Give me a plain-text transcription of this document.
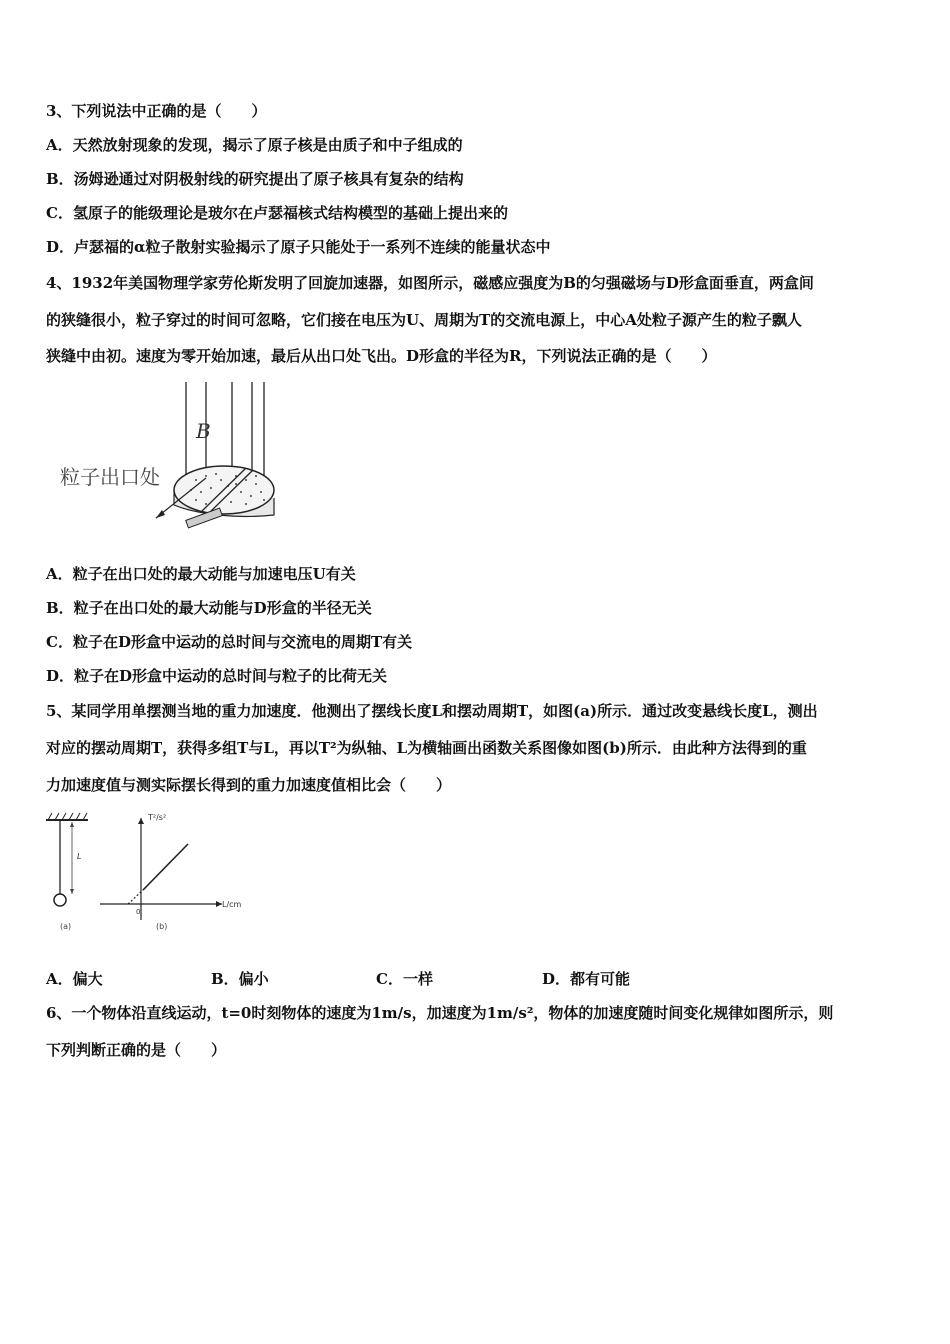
3、下列说法中正确的是（　　）
A．天然放射现象的发现，揭示了原子核是由质子和中子组成的
B．汤姆逊通过对阴极射线的研究提出了原子核具有复杂的结构
C．氢原子的能级理论是玻尔在卢瑟福核式结构模型的基础上提出来的
D．卢瑟福的α粒子散射实验揭示了原子只能处于一系列不连续的能量状态中
4、1932年美国物理学家劳伦斯发明了回旋加速器，如图所示，磁感应强度为B的匀强磁场与D形盒面垂直，两盒间
的狭缝很小，粒子穿过的时间可忽略，它们接在电压为U、周期为T的交流电源上，中心A处粒子源产生的粒子飘人
狭缝中由初。速度为零开始加速，最后从出口处飞出。D形盒的半径为R，下列说法正确的是（　　）
B
粒子出口处
A．粒子在出口处的最大动能与加速电压U有关
B．粒子在出口处的最大动能与D形盒的半径无关
C．粒子在D形盒中运动的总时间与交流电的周期T有关
D．粒子在D形盒中运动的总时间与粒子的比荷无关
5、某同学用单摆测当地的重力加速度．他测出了摆线长度L和摆动周期T，如图(a)所示．通过改变悬线长度L，测出
对应的摆动周期T，获得多组T与L，再以T²为纵轴、L为横轴画出函数关系图像如图(b)所示．由此种方法得到的重
力加速度值与测实际摆长得到的重力加速度值相比会（　　）
L
(a)
T²/s²
L/cm
0
(b)
A．偏大	B．偏小	C．一样	D．都有可能
6、一个物体沿直线运动，t=0时刻物体的速度为1m/s，加速度为1m/s²，物体的加速度随时间变化规律如图所示，则
下列判断正确的是（　　）
